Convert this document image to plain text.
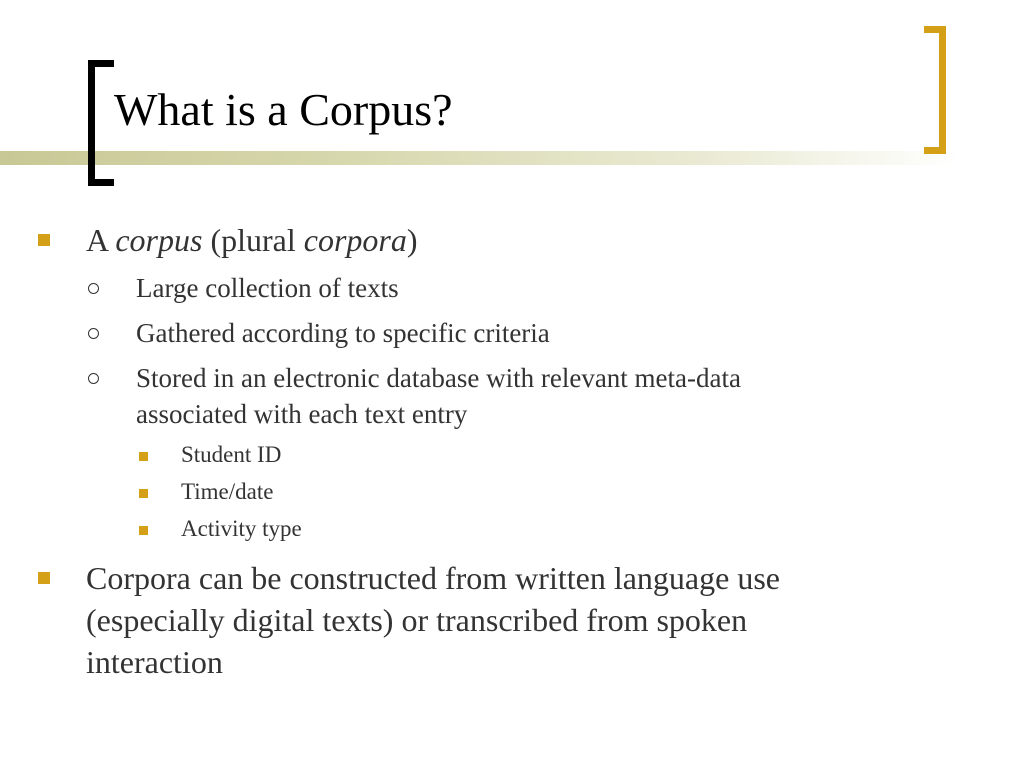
What is a Corpus?
A corpus (plural corpora)
Large collection of texts
Gathered according to specific criteria
Stored in an electronic database with relevant meta-data
associated with each text entry
Student ID
Time/date
Activity type
Corpora can be constructed from written language use
(especially digital texts) or transcribed from spoken
interaction
